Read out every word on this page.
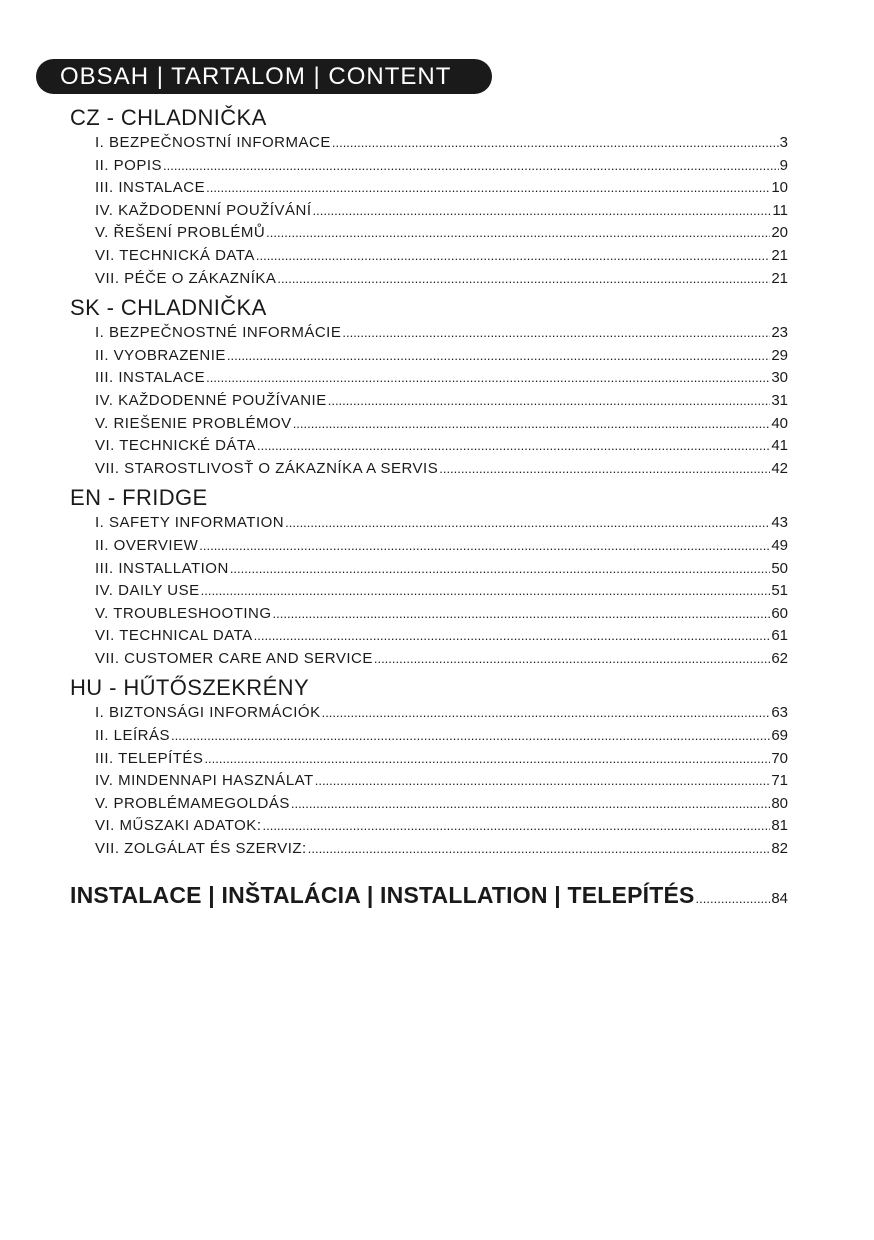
OBSAH | TARTALOM | CONTENT
CZ - CHLADNIČKA
I. BEZPEČNOSTNÍ INFORMACE .....	3
II. POPIS .....	9
III. INSTALACE .....	10
IV. KAŽDODENNÍ POUŽÍVÁNÍ .....	11
V. ŘEŠENÍ PROBLÉMŮ .....	20
VI. TECHNICKÁ DATA .....	21
VII. PÉČE O ZÁKAZNÍKA .....	21
SK - CHLADNIČKA
I. BEZPEČNOSTNÉ INFORMÁCIE .....	23
II. VYOBRAZENIE .....	29
III. INSTALACE .....	30
IV. KAŽDODENNÉ POUŽÍVANIE .....	31
V. RIEŠENIE PROBLÉMOV .....	40
VI. TECHNICKÉ DÁTA .....	41
VII. STAROSTLIVOSŤ O ZÁKAZNÍKA A SERVIS .....	42
EN - FRIDGE
I. SAFETY INFORMATION .....	43
II. OVERVIEW .....	49
III. INSTALLATION .....	50
IV. DAILY USE .....	51
V. TROUBLESHOOTING .....	60
VI. TECHNICAL DATA .....	61
VII. CUSTOMER CARE AND SERVICE .....	62
HU - HŰTŐSZEKRÉNY
I. BIZTONSÁGI INFORMÁCIÓK .....	63
II. LEÍRÁS .....	69
III. TELEPÍTÉS .....	70
IV. MINDENNAPI HASZNÁLAT .....	71
V. PROBLÉMAMEGOLDÁS .....	80
VI. MŰSZAKI ADATOK: .....	81
VII. ZOLGÁLAT ÉS SZERVIZ: .....	82
INSTALACE | INŠTALÁCIA | INSTALLATION | TELEPÍTÉS .....	84
